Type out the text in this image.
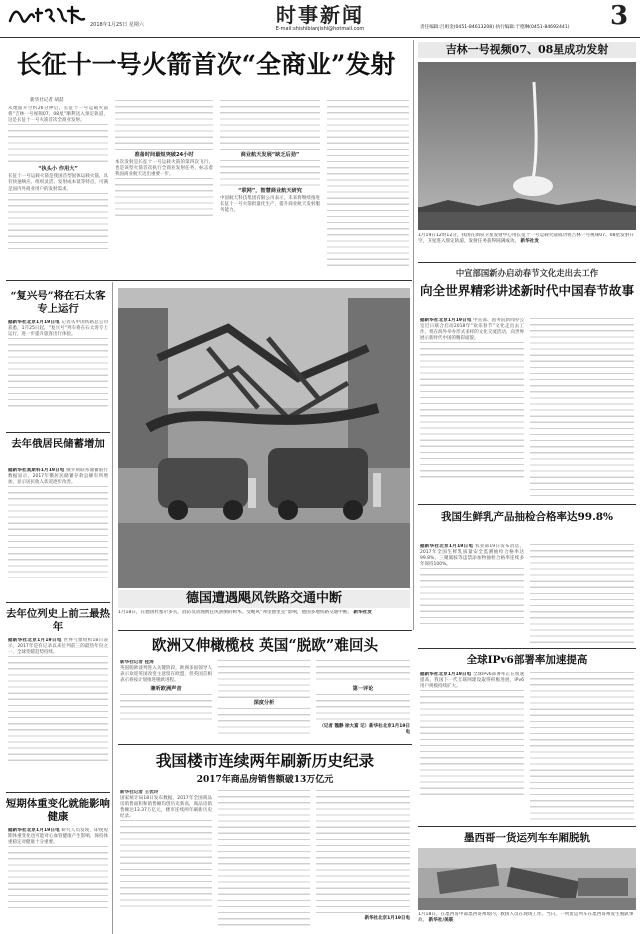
2018年1月25日 星期六	时事新闻
E-mail:shishibianjishi@hotmail.com	责任编辑:吕姐金(0451-84613208) 执行编辑:于德琳(0451-84692441) 3
长征十一号火箭首次“全商业”发射
新华社记者 胡喆
从地面升空约26分钟后，长征十一号运载火箭将“吉林一号视频07、08星”顺利送入预定轨道，这是长征十一号火箭首次全商业发射。
“执头小 作用大”
长征十一号运载火箭是我国首型固体运载火箭，具有快速响应、组织灵活、发射成本低等特点，可满足国内外商业用户的发射需求。
准备时间最短突破24小时
本次发射是长征十一号运载火箭的第四次飞行，也是该型火箭首次执行全商业发射任务，标志着我国商业航天迈出重要一步。
商业航天发展“缺乏后劲”
“联网”，智慧商业航天研究
中国航天科技集团有限公司表示，未来将继续推进长征十一号火箭批量化生产，提升商业航天发射服务能力。
吉林一号视频07、08星成功发射
1月19日12时12分，我国在酒泉卫星发射中心用长征十一号运载火箭成功将吉林一号视频07、08星发射升空，卫星进入预定轨道，发射任务获得圆满成功。 新华社发
中宣部国新办启动春节文化走出去工作
向全世界精彩讲述新时代中国春节故事
据新华社北京1月19日电 中宣部、国务院新闻办公室近日联合启动2018年“欢乐春节”文化走出去工作，将在海外举办形式多样的文化交流活动，向世界展示新时代中国的精彩面貌。
我国生鲜乳产品抽检合格率达99.8%
据新华社北京1月19日电 农业部19日发布消息，2017年全国生鲜乳质量安全监测抽检合格率达99.8%，三聚氰胺等违禁添加物抽检合格率连续多年保持100%。
全球IPv6部署率加速提高
据新华社北京1月19日电 全球IPv6部署率正在加速提高，我国下一代互联网建设取得积极进展，IPv6用户规模持续扩大。
墨西哥一货运列车车厢脱轨
1月18日，在墨西哥中部墨西哥州境内，救援人员在现场工作。当日，一列货运列车在墨西哥州发生脱轨事故。 新华社/美联
“复兴号”将在石太客专上运行
据新华社北京1月19日电 记者从中国铁路总公司获悉，1月25日起，“复兴号”列车将在石太客专上运行，进一步提升旅客出行体验。
去年俄居民储蓄增加
据新华社莫斯科1月19日电 俄罗斯联邦储蓄银行数据显示，2017年俄居民储蓄存款总额有所增加，显示居民收入状况逐步改善。
去年位列史上前三最热年
据新华社北京1月19日电 世界气象组织18日表示，2017年是有记录以来位列前三的最热年份之一，全球变暖趋势持续。
短期体重变化就能影响健康
据新华社北京1月19日电 研究人员发现，即使短期体重变化也可能对心血管健康产生影响，保持体重稳定对健康十分重要。
德国遭遇飓风铁路交通中断
1月18日，在德国杜塞尔多夫，消防员清理被狂风刮倒的树木。受飓风“弗里德里克”影响，德国多地铁路交通中断。 新华社发
欧洲又伸橄榄枝 英国“脱欧”难回头
新华社记者 桂涛
英国脱欧谈判进入关键阶段，欧洲多国领导人表示欢迎英国改变主意留在欧盟，但英国首相表示将按计划推进脱欧进程。
兼听欧洲声音
深度分析
第一评论
（记者 魏静 徐大富 记）新华社北京1月19日电
我国楼市连续两年刷新历史纪录
2017年商品房销售额破13万亿元
新华社记者 王优玲
国家统计局18日发布数据，2017年全国商品房销售面积和销售额均创历史新高，商品房销售额达13.37万亿元，楼市连续两年刷新历史纪录。
新华社北京1月19日电
